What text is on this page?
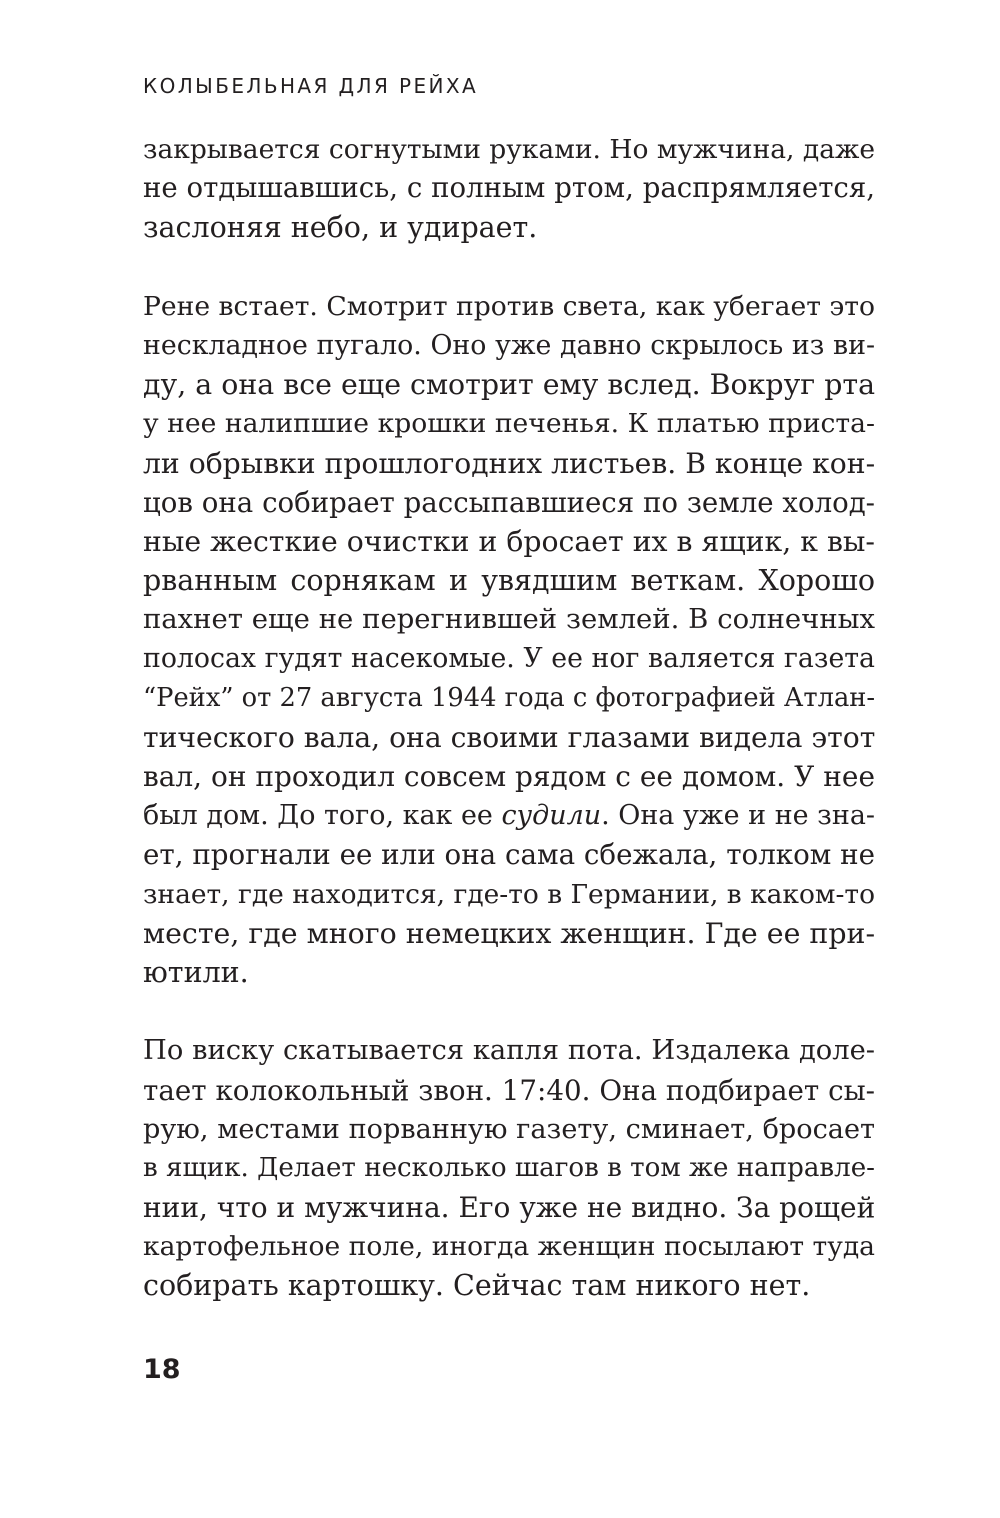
КОЛЫБЕЛЬНАЯ ДЛЯ РЕЙХА
закрывается согнутыми руками. Но мужчина, даже
не отдышавшись, с полным ртом, распрямляется,
заслоняя небо, и удирает.
Рене встает. Смотрит против света, как убегает это
нескладное пугало. Оно уже давно скрылось из ви-
ду, а она все еще смотрит ему вслед. Вокруг рта
у нее налипшие крошки печенья. К платью приста-
ли обрывки прошлогодних листьев. В конце кон-
цов она собирает рассыпавшиеся по земле холод-
ные жесткие очистки и бросает их в ящик, к вы-
рванным сорнякам и увядшим веткам. Хорошо
пахнет еще не перегнившей землей. В солнечных
полосах гудят насекомые. У ее ног валяется газета
“Рейх” от 27 августа 1944 года с фотографией Атлан-
тического вала, она своими глазами видела этот
вал, он проходил совсем рядом с ее домом. У нее
был дом. До того, как ее судили. Она уже и не зна-
ет, прогнали ее или она сама сбежала, толком не
знает, где находится, где-то в Германии, в каком-то
месте, где много немецких женщин. Где ее при-
ютили.
По виску скатывается капля пота. Издалека доле-
тает колокольный звон. 17:40. Она подбирает сы-
рую, местами порванную газету, сминает, бросает
в ящик. Делает несколько шагов в том же направле-
нии, что и мужчина. Его уже не видно. За рощей
картофельное поле, иногда женщин посылают туда
собирать картошку. Сейчас там никого нет.
18
